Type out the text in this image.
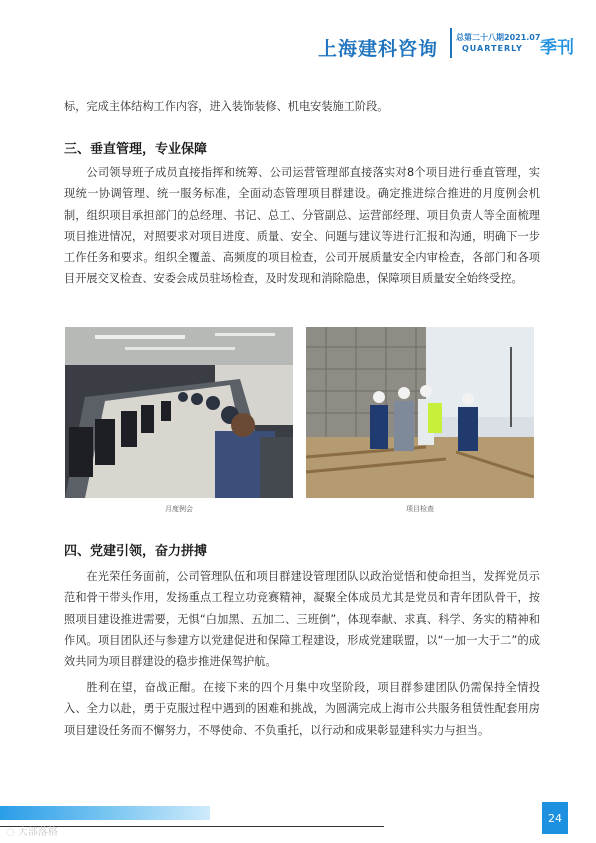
上海建科咨询
总第二十八期2021.07
QUARTERLY 季刊

标，完成主体结构工作内容，进入装饰装修、机电安装施工阶段。

三、垂直管理，专业保障

公司领导班子成员直接指挥和统筹、公司运营管理部直接落实对8个项目进行垂直管理，实现统一协调管理、统一服务标准，全面动态管理项目群建设。确定推进综合推进的月度例会机制，组织项目承担部门的总经理、书记、总工、分管副总、运营部经理、项目负责人等全面梳理项目推进情况，对照要求对项目进度、质量、安全、问题与建议等进行汇报和沟通，明确下一步工作任务和要求。组织全覆盖、高频度的项目检查，公司开展质量安全内审检查，各部门和各项目开展交叉检查、安委会成员驻场检查，及时发现和消除隐患，保障项目质量安全始终受控。

月度例会	项目检查
四、党建引领，奋力拼搏

在光荣任务面前，公司管理队伍和项目群建设管理团队以政治觉悟和使命担当，发挥党员示范和骨干带头作用，发扬重点工程立功竞赛精神，凝聚全体成员尤其是党员和青年团队骨干，按照项目建设推进需要，无惧“白加黑、五加二、三班倒”，体现奉献、求真、科学、务实的精神和作风。项目团队还与参建方以党建促进和保障工程建设，形成党建联盟，以“一加一大于二”的成效共同为项目群建设的稳步推进保驾护航。

胜利在望，奋战正酣。在接下来的四个月集中攻坚阶段，项目群参建团队仍需保持全情投入、全力以赴，勇于克服过程中遇到的困难和挑战，为圆满完成上海市公共服务租赁性配套用房项目建设任务而不懈努力，不辱使命、不负重托，以行动和成果彰显建科实力与担当。

◌ 大部落格
24
